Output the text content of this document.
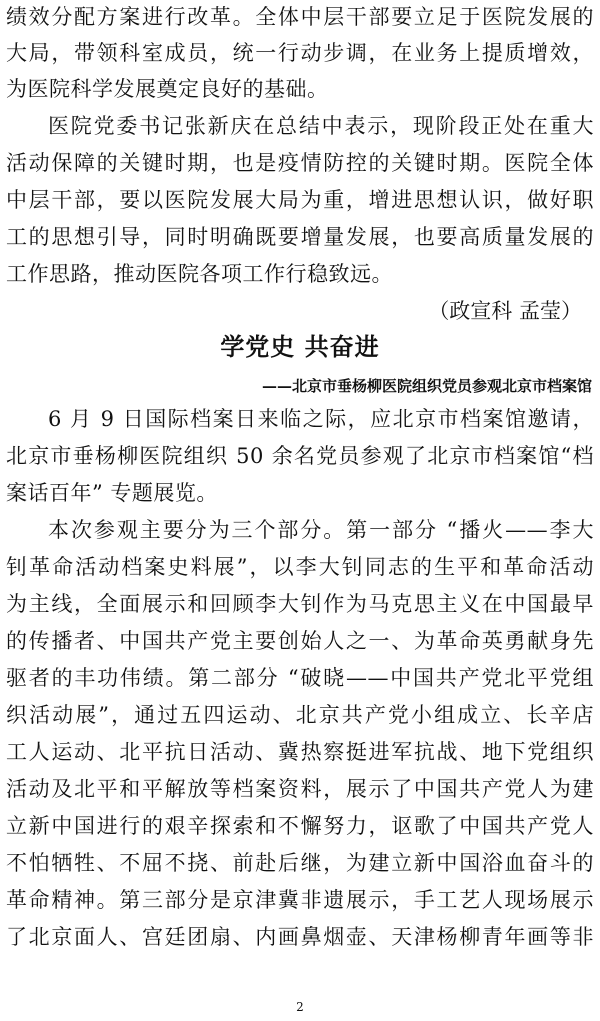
绩效分配方案进行改革。全体中层干部要立足于医院发展的
大局，带领科室成员，统一行动步调，在业务上提质增效，
为医院科学发展奠定良好的基础。
医院党委书记张新庆在总结中表示，现阶段正处在重大
活动保障的关键时期，也是疫情防控的关键时期。医院全体
中层干部，要以医院发展大局为重，增进思想认识，做好职
工的思想引导，同时明确既要增量发展，也要高质量发展的
工作思路，推动医院各项工作行稳致远。
（政宣科 孟莹）
学党史 共奋进
——北京市垂杨柳医院组织党员参观北京市档案馆
6 月 9 日国际档案日来临之际，应北京市档案馆邀请，
北京市垂杨柳医院组织 50 余名党员参观了北京市档案馆“档
案话百年” 专题展览。
本次参观主要分为三个部分。第一部分 “播火——李大
钊革命活动档案史料展”，以李大钊同志的生平和革命活动
为主线，全面展示和回顾李大钊作为马克思主义在中国最早
的传播者、中国共产党主要创始人之一、为革命英勇献身先
驱者的丰功伟绩。第二部分 “破晓——中国共产党北平党组
织活动展”，通过五四运动、北京共产党小组成立、长辛店
工人运动、北平抗日活动、冀热察挺进军抗战、地下党组织
活动及北平和平解放等档案资料，展示了中国共产党人为建
立新中国进行的艰辛探索和不懈努力，讴歌了中国共产党人
不怕牺牲、不屈不挠、前赴后继，为建立新中国浴血奋斗的
革命精神。第三部分是京津冀非遗展示，手工艺人现场展示
了北京面人、宫廷团扇、内画鼻烟壶、天津杨柳青年画等非
2
